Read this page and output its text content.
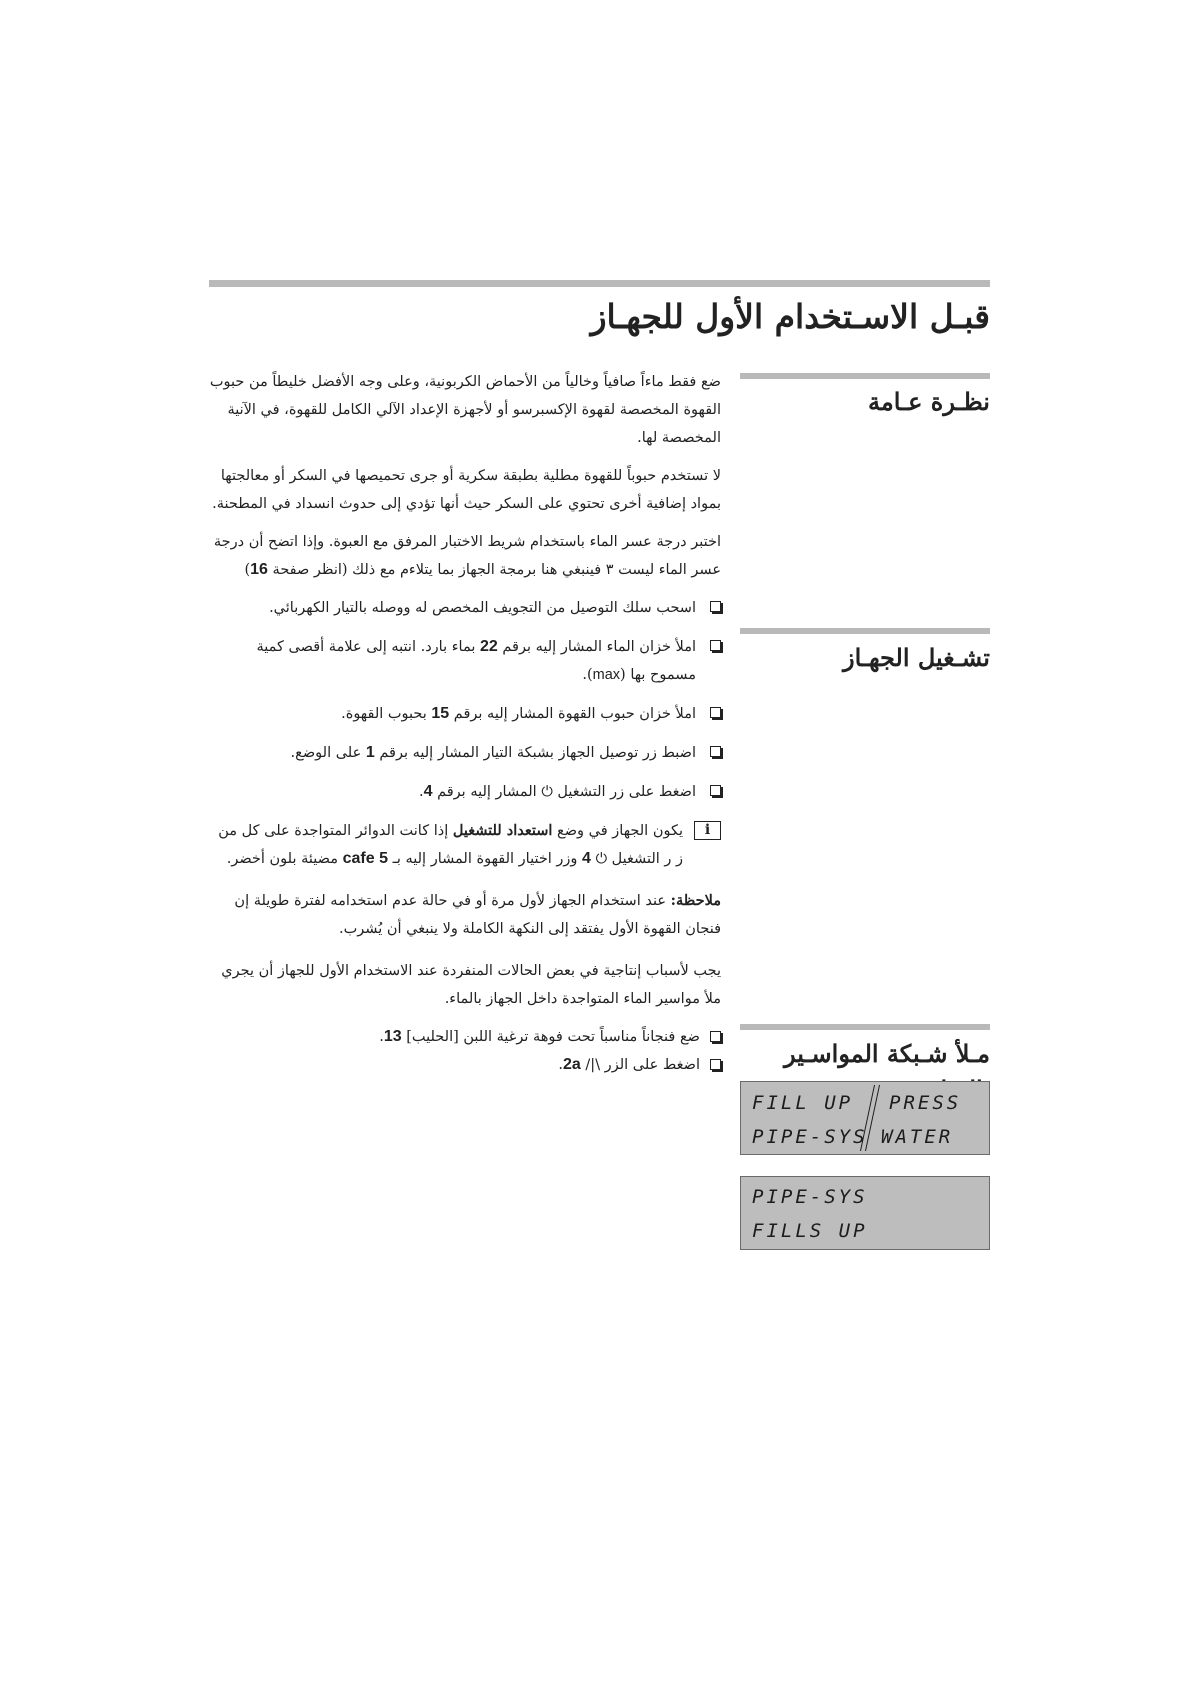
قبـل الاسـتخدام الأول للجهـاز
نظـرة عـامة
تشـغيل الجهـاز
مـلأ شـبكة المواسـير
FILL UP
PIPE-SYS
PRESS
WATER
PIPE-SYS
FILLS UP

ضع فقط ماءاً صافياً وخالياً من الأحماض الكربونية، وعلى وجه الأفضل خليطاً من حبوب القهوة المخصصة لقهوة الإكسبرسو أو لأجهزة الإعداد الآلي الكامل للقهوة، في الآنية المخصصة لها.

لا تستخدم حبوباً للقهوة مطلية بطبقة سكرية أو جرى تحميصها في السكر أو معالجتها بمواد إضافية أخرى تحتوي على السكر حيث أنها تؤدي إلى حدوث انسداد في المطحنة.

اختبر درجة عسر الماء باستخدام شريط الاختبار المرفق مع العبوة. وإذا اتضح أن درجة عسر الماء ليست ٣ فينبغي هنا برمجة الجهاز بما يتلاءم مع ذلك (انظر صفحة 16)

اسحب سلك التوصيل من التجويف المخصص له ووصله بالتيار الكهربائي.
املأ خزان الماء المشار إليه برقم 22 بماء بارد. انتبه إلى علامة أقصى كمية مسموح بها (max).
املأ خزان حبوب القهوة المشار إليه برقم 15 بحبوب القهوة.
اضبط زر توصيل الجهاز بشبكة التيار المشار إليه برقم 1 على الوضع.
اضغط على زر التشغيل ⏻ المشار إليه برقم 4.
i
يكون الجهاز في وضع استعداد للتشغيل إذا كانت الدوائر المتواجدة على كل من ز ر التشغيل ⏻ 4 وزر اختيار القهوة المشار إليه بـ cafe 5 مضيئة بلون أخضر.

ملاحظة: عند استخدام الجهاز لأول مرة أو في حالة عدم استخدامه لفترة طويلة إن فنجان القهوة الأول يفتقد إلى النكهة الكاملة ولا ينبغي أن يُشرب.

يجب لأسباب إنتاجية في بعض الحالات المنفردة عند الاستخدام الأول للجهاز أن يجري ملأ مواسير الماء المتواجدة داخل الجهاز بالماء.

ضع فنجاناً مناسباً تحت فوهة ترغية اللبن [الحليب] 13.
اضغط على الزر \|/ 2a.
